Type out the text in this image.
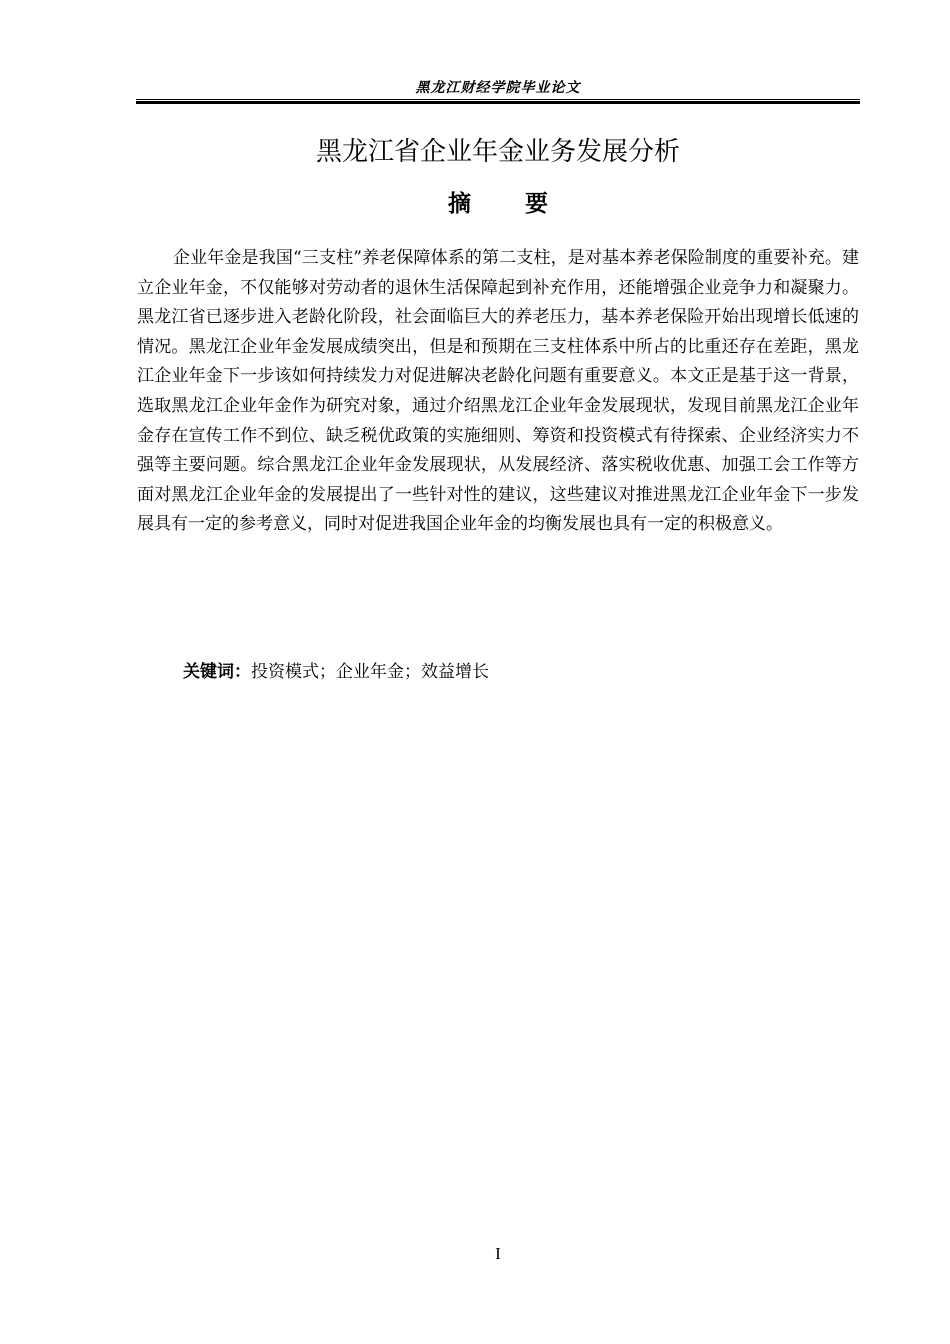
黑龙江财经学院毕业论文
黑龙江省企业年金业务发展分析
摘要

企业年金是我国“三支柱”养老保障体系的第二支柱，是对基本养老保险制度的重要补充。建立企业年金，不仅能够对劳动者的退休生活保障起到补充作用，还能增强企业竞争力和凝聚力。黑龙江省已逐步进入老龄化阶段，社会面临巨大的养老压力，基本养老保险开始出现增长低速的情况。黑龙江企业年金发展成绩突出，但是和预期在三支柱体系中所占的比重还存在差距，黑龙江企业年金下一步该如何持续发力对促进解决老龄化问题有重要意义。本文正是基于这一背景，选取黑龙江企业年金作为研究对象，通过介绍黑龙江企业年金发展现状，发现目前黑龙江企业年金存在宣传工作不到位、缺乏税优政策的实施细则、筹资和投资模式有待探索、企业经济实力不强等主要问题。综合黑龙江企业年金发展现状，从发展经济、落实税收优惠、加强工会工作等方面对黑龙江企业年金的发展提出了一些针对性的建议，这些建议对推进黑龙江企业年金下一步发展具有一定的参考意义，同时对促进我国企业年金的均衡发展也具有一定的积极意义。

关键词：投资模式；企业年金；效益增长
I
